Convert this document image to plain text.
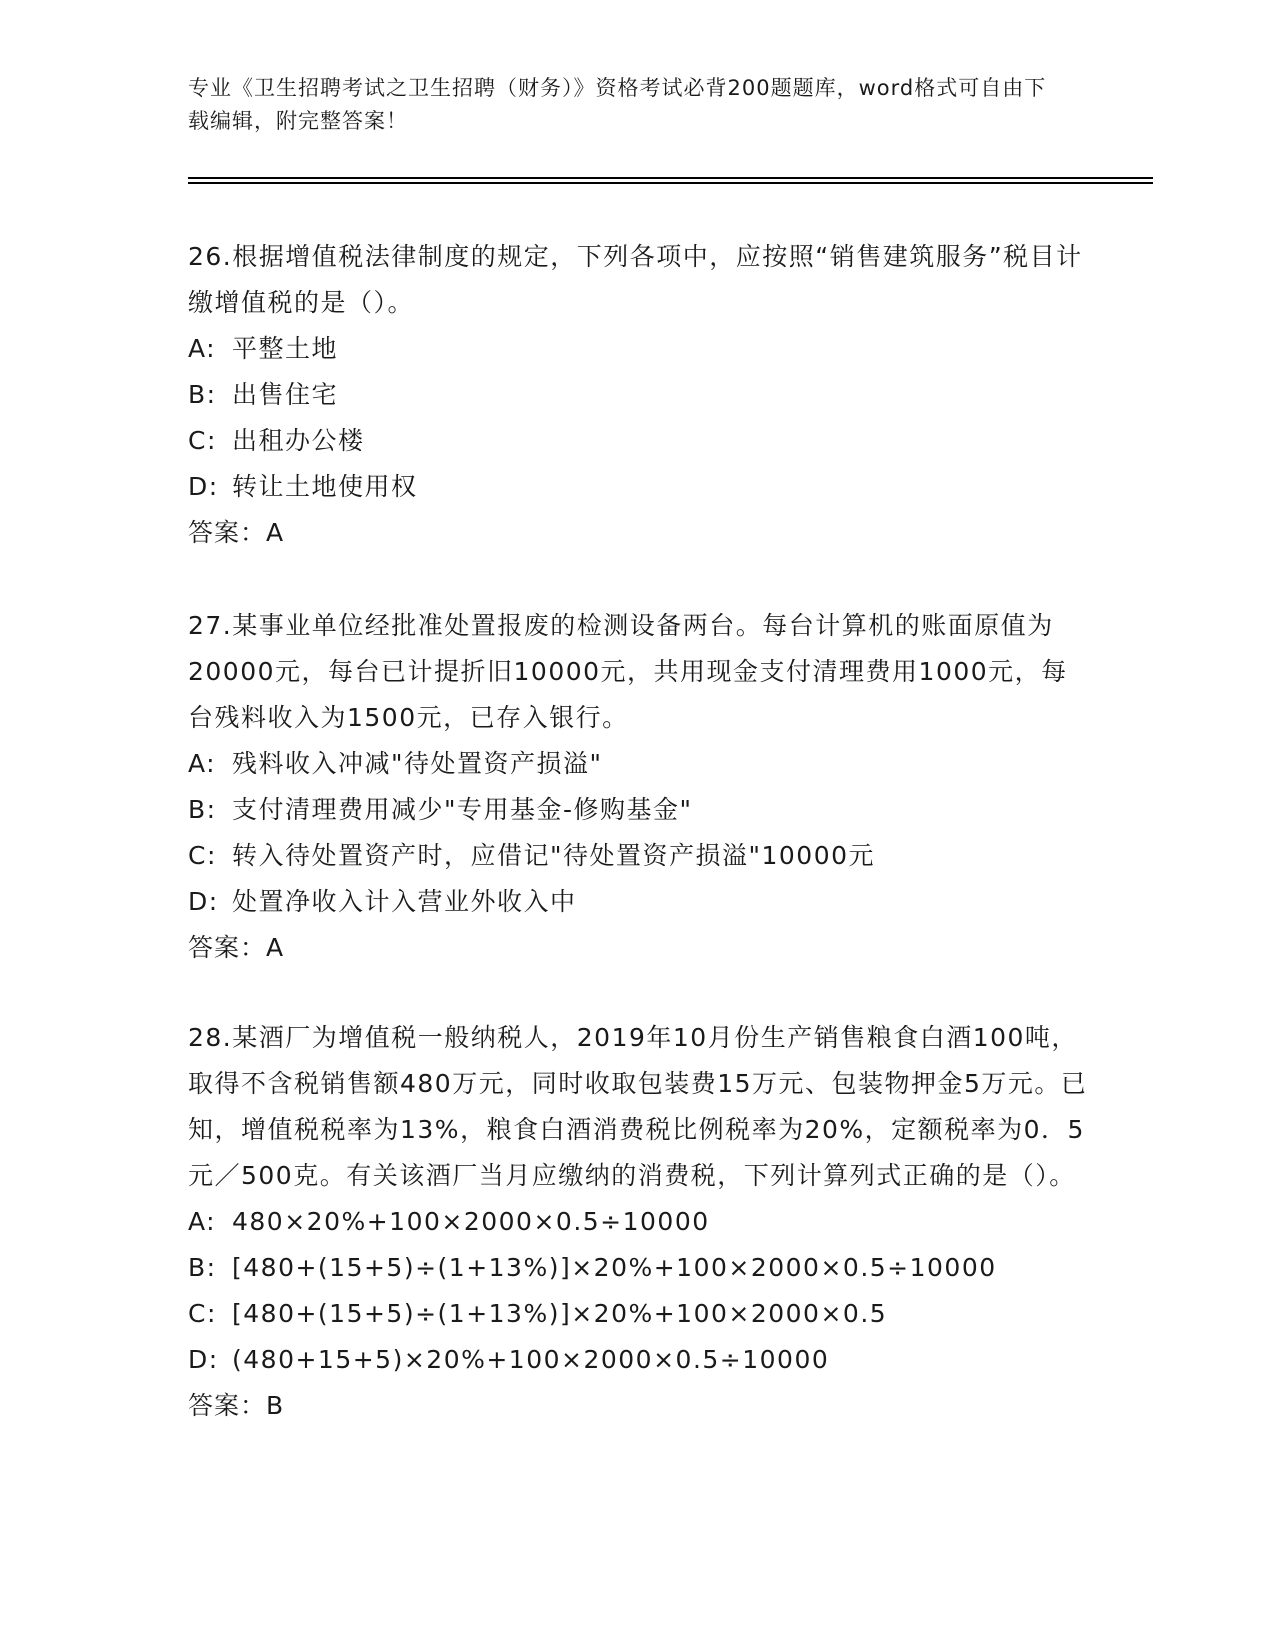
专业《卫生招聘考试之卫生招聘（财务）》资格考试必背200题题库，word格式可自由下载编辑，附完整答案！
26.根据增值税法律制度的规定，下列各项中，应按照“销售建筑服务”税目计缴增值税的是（）。
A: 平整土地
B: 出售住宅
C: 出租办公楼
D: 转让土地使用权
答案：A
27.某事业单位经批准处置报废的检测设备两台。每台计算机的账面原值为20000元，每台已计提折旧10000元，共用现金支付清理费用1000元，每台残料收入为1500元，已存入银行。
A: 残料收入冲减"待处置资产损溢"
B: 支付清理费用减少"专用基金-修购基金"
C: 转入待处置资产时，应借记"待处置资产损溢"10000元
D: 处置净收入计入营业外收入中
答案：A
28.某酒厂为增值税一般纳税人，2019年10月份生产销售粮食白酒100吨，取得不含税销售额480万元，同时收取包装费15万元、包装物押金5万元。已知，增值税税率为13%，粮食白酒消费税比例税率为20%，定额税率为0．5元／500克。有关该酒厂当月应缴纳的消费税，下列计算列式正确的是（）。
A: 480×20%+100×2000×0.5÷10000
B: [480+(15+5)÷(1+13%)]×20%+100×2000×0.5÷10000
C: [480+(15+5)÷(1+13%)]×20%+100×2000×0.5
D: (480+15+5)×20%+100×2000×0.5÷10000
答案：B
